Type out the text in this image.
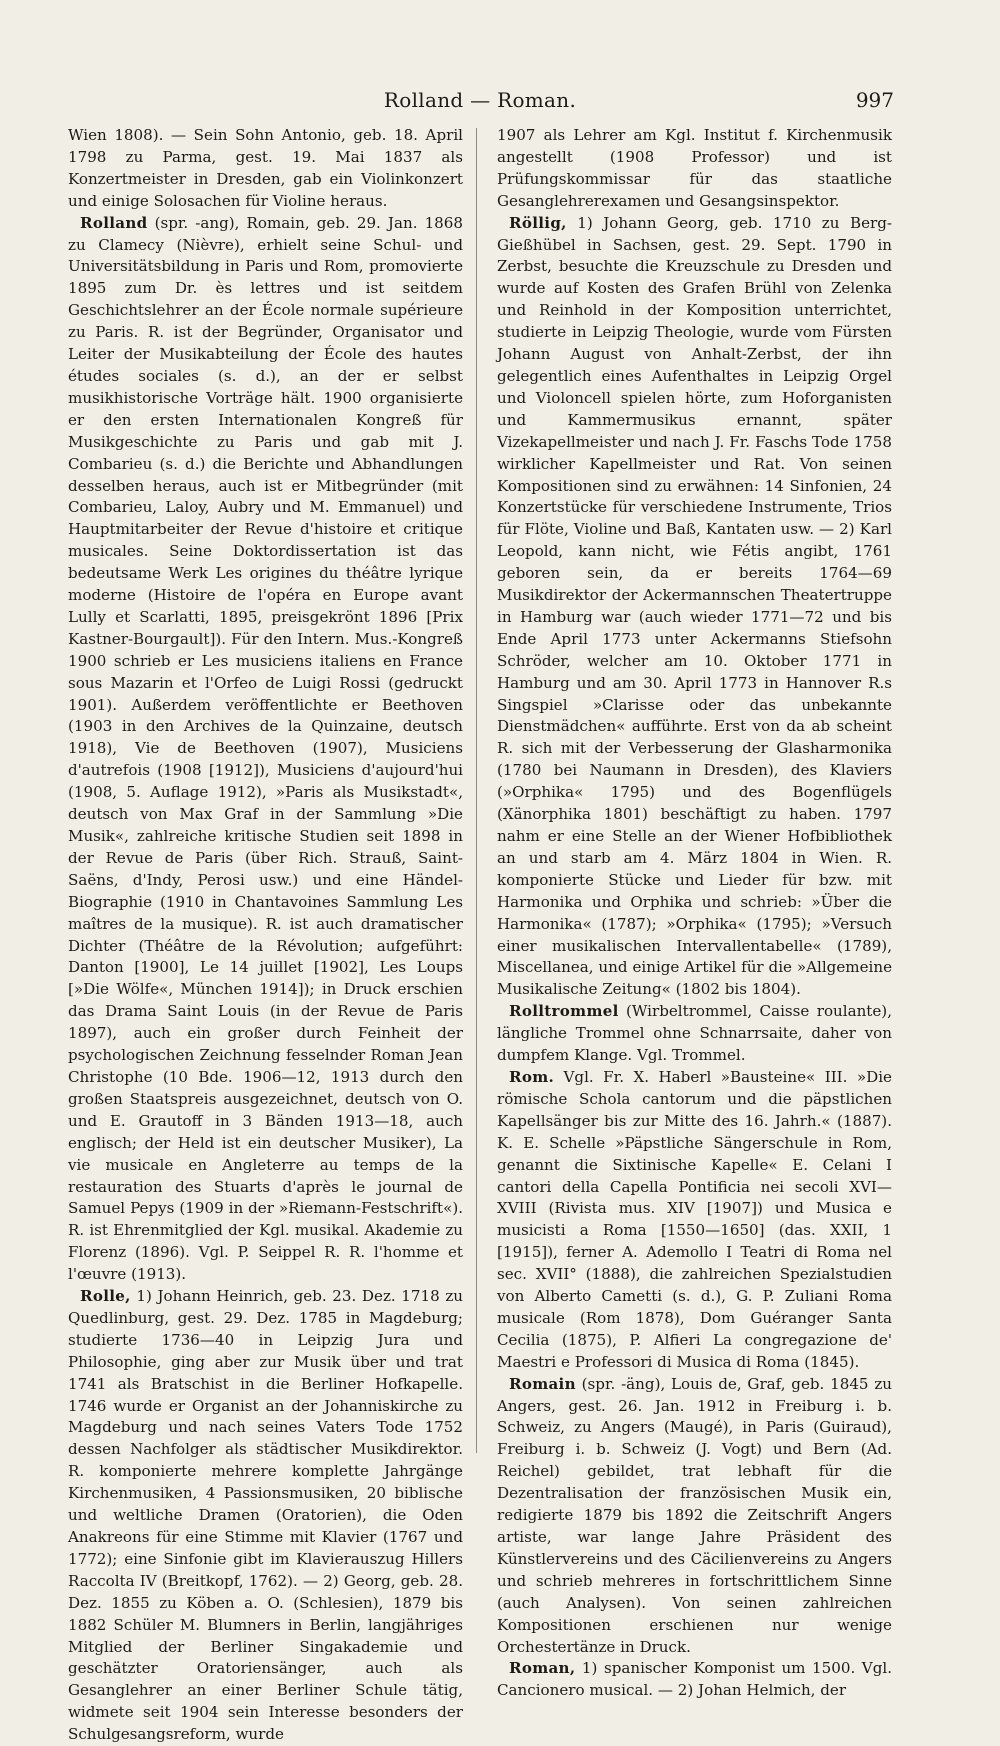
Rolland — Roman.	997

Wien 1808). — Sein Sohn Antonio, geb. 18. April 1798 zu Parma, gest. 19. Mai 1837 als Konzertmeister in Dresden, gab ein Violinkonzert und einige Solosachen für Violine heraus.

Rolland (spr. -ang), Romain, geb. 29. Jan. 1868 zu Clamecy (Nièvre), erhielt seine Schul- und Universitätsbildung in Paris und Rom, promovierte 1895 zum Dr. ès lettres und ist seitdem Geschichtslehrer an der École normale supérieure zu Paris. R. ist der Begründer, Organisator und Leiter der Musikabteilung der École des hautes études sociales (s. d.), an der er selbst musikhistorische Vorträge hält. 1900 organisierte er den ersten Internationalen Kongreß für Musikgeschichte zu Paris und gab mit J. Combarieu (s. d.) die Berichte und Abhandlungen desselben heraus, auch ist er Mitbegründer (mit Combarieu, Laloy, Aubry und M. Emmanuel) und Hauptmitarbeiter der Revue d'histoire et critique musicales. Seine Doktordissertation ist das bedeutsame Werk Les origines du théâtre lyrique moderne (Histoire de l'opéra en Europe avant Lully et Scarlatti, 1895, preisgekrönt 1896 [Prix Kastner-Bourgault]). Für den Intern. Mus.-Kongreß 1900 schrieb er Les musiciens italiens en France sous Mazarin et l'Orfeo de Luigi Rossi (gedruckt 1901). Außerdem veröffentlichte er Beethoven (1903 in den Archives de la Quinzaine, deutsch 1918), Vie de Beethoven (1907), Musiciens d'autrefois (1908 [1912]), Musiciens d'aujourd'hui (1908, 5. Auflage 1912), »Paris als Musikstadt«, deutsch von Max Graf in der Sammlung »Die Musik«, zahlreiche kritische Studien seit 1898 in der Revue de Paris (über Rich. Strauß, Saint-Saëns, d'Indy, Perosi usw.) und eine Händel-Biographie (1910 in Chantavoines Sammlung Les maîtres de la musique). R. ist auch dramatischer Dichter (Théâtre de la Révolution; aufgeführt: Danton [1900], Le 14 juillet [1902], Les Loups [»Die Wölfe«, München 1914]); in Druck erschien das Drama Saint Louis (in der Revue de Paris 1897), auch ein großer durch Feinheit der psychologischen Zeichnung fesselnder Roman Jean Christophe (10 Bde. 1906—12, 1913 durch den großen Staatspreis ausgezeichnet, deutsch von O. und E. Grautoff in 3 Bänden 1913—18, auch englisch; der Held ist ein deutscher Musiker), La vie musicale en Angleterre au temps de la restauration des Stuarts d'après le journal de Samuel Pepys (1909 in der »Riemann-Festschrift«). R. ist Ehrenmitglied der Kgl. musikal. Akademie zu Florenz (1896). Vgl. P. Seippel R. R. l'homme et l'œuvre (1913).

Rolle, 1) Johann Heinrich, geb. 23. Dez. 1718 zu Quedlinburg, gest. 29. Dez. 1785 in Magdeburg; studierte 1736—40 in Leipzig Jura und Philosophie, ging aber zur Musik über und trat 1741 als Bratschist in die Berliner Hofkapelle. 1746 wurde er Organist an der Johanniskirche zu Magdeburg und nach seines Vaters Tode 1752 dessen Nachfolger als städtischer Musikdirektor. R. komponierte mehrere komplette Jahrgänge Kirchenmusiken, 4 Passionsmusiken, 20 biblische und weltliche Dramen (Oratorien), die Oden Anakreons für eine Stimme mit Klavier (1767 und 1772); eine Sinfonie gibt im Klavierauszug Hillers Raccolta IV (Breitkopf, 1762). — 2) Georg, geb. 28. Dez. 1855 zu Köben a. O. (Schlesien), 1879 bis 1882 Schüler M. Blumners in Berlin, langjähriges Mitglied der Berliner Singakademie und geschätzter Oratoriensänger, auch als Gesanglehrer an einer Berliner Schule tätig, widmete seit 1904 sein Interesse besonders der Schulgesangsreform, wurde

1907 als Lehrer am Kgl. Institut f. Kirchenmusik angestellt (1908 Professor) und ist Prüfungskommissar für das staatliche Gesanglehrerexamen und Gesangsinspektor.

Röllig, 1) Johann Georg, geb. 1710 zu Berg-Gießhübel in Sachsen, gest. 29. Sept. 1790 in Zerbst, besuchte die Kreuzschule zu Dresden und wurde auf Kosten des Grafen Brühl von Zelenka und Reinhold in der Komposition unterrichtet, studierte in Leipzig Theologie, wurde vom Fürsten Johann August von Anhalt-Zerbst, der ihn gelegentlich eines Aufenthaltes in Leipzig Orgel und Violoncell spielen hörte, zum Hoforganisten und Kammermusikus ernannt, später Vizekapellmeister und nach J. Fr. Faschs Tode 1758 wirklicher Kapellmeister und Rat. Von seinen Kompositionen sind zu erwähnen: 14 Sinfonien, 24 Konzertstücke für verschiedene Instrumente, Trios für Flöte, Violine und Baß, Kantaten usw. — 2) Karl Leopold, kann nicht, wie Fétis angibt, 1761 geboren sein, da er bereits 1764—69 Musikdirektor der Ackermannschen Theatertruppe in Hamburg war (auch wieder 1771—72 und bis Ende April 1773 unter Ackermanns Stiefsohn Schröder, welcher am 10. Oktober 1771 in Hamburg und am 30. April 1773 in Hannover R.s Singspiel »Clarisse oder das unbekannte Dienstmädchen« aufführte. Erst von da ab scheint R. sich mit der Verbesserung der Glasharmonika (1780 bei Naumann in Dresden), des Klaviers (»Orphika« 1795) und des Bogenflügels (Xänorphika 1801) beschäftigt zu haben. 1797 nahm er eine Stelle an der Wiener Hofbibliothek an und starb am 4. März 1804 in Wien. R. komponierte Stücke und Lieder für bzw. mit Harmonika und Orphika und schrieb: »Über die Harmonika« (1787); »Orphika« (1795); »Versuch einer musikalischen Intervallentabelle« (1789), Miscellanea, und einige Artikel für die »Allgemeine Musikalische Zeitung« (1802 bis 1804).

Rolltrommel (Wirbeltrommel, Caisse roulante), längliche Trommel ohne Schnarrsaite, daher von dumpfem Klange. Vgl. Trommel.

Rom. Vgl. Fr. X. Haberl »Bausteine« III. »Die römische Schola cantorum und die päpstlichen Kapellsänger bis zur Mitte des 16. Jahrh.« (1887). K. E. Schelle »Päpstliche Sängerschule in Rom, genannt die Sixtinische Kapelle« E. Celani I cantori della Capella Pontificia nei secoli XVI—XVIII (Rivista mus. XIV [1907]) und Musica e musicisti a Roma [1550—1650] (das. XXII, 1 [1915]), ferner A. Ademollo I Teatri di Roma nel sec. XVII° (1888), die zahlreichen Spezialstudien von Alberto Cametti (s. d.), G. P. Zuliani Roma musicale (Rom 1878), Dom Guéranger Santa Cecilia (1875), P. Alfieri La congregazione de' Maestri e Professori di Musica di Roma (1845).

Romain (spr. -äng), Louis de, Graf, geb. 1845 zu Angers, gest. 26. Jan. 1912 in Freiburg i. b. Schweiz, zu Angers (Maugé), in Paris (Guiraud), Freiburg i. b. Schweiz (J. Vogt) und Bern (Ad. Reichel) gebildet, trat lebhaft für die Dezentralisation der französischen Musik ein, redigierte 1879 bis 1892 die Zeitschrift Angers artiste, war lange Jahre Präsident des Künstlervereins und des Cäcilienvereins zu Angers und schrieb mehreres in fortschrittlichem Sinne (auch Analysen). Von seinen zahlreichen Kompositionen erschienen nur wenige Orchestertänze in Druck.

Roman, 1) spanischer Komponist um 1500. Vgl. Cancionero musical. — 2) Johan Helmich, der
